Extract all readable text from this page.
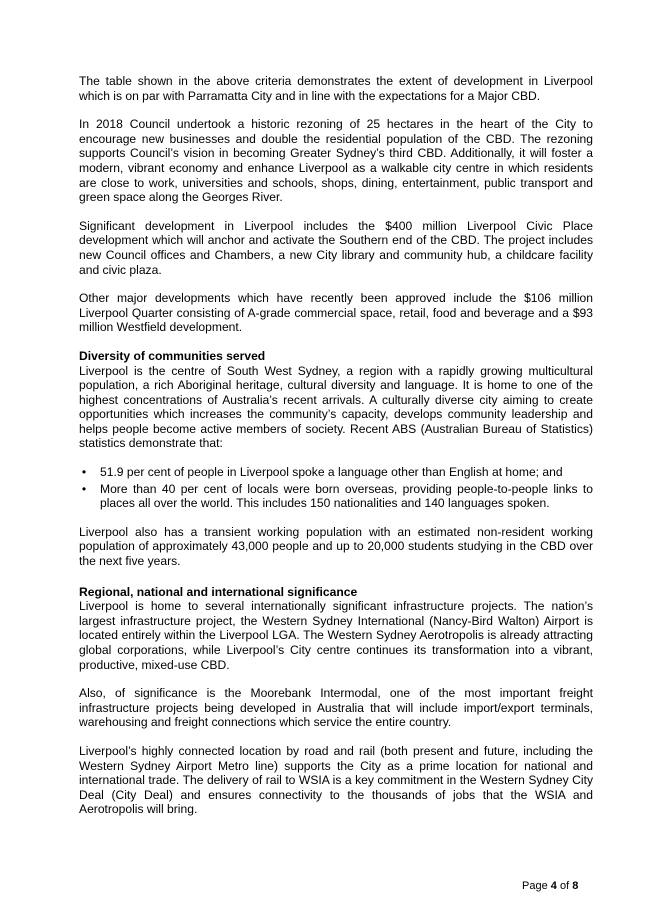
The table shown in the above criteria demonstrates the extent of development in Liverpool which is on par with Parramatta City and in line with the expectations for a Major CBD.

In 2018 Council undertook a historic rezoning of 25 hectares in the heart of the City to encourage new businesses and double the residential population of the CBD. The rezoning supports Council’s vision in becoming Greater Sydney’s third CBD. Additionally, it will foster a modern, vibrant economy and enhance Liverpool as a walkable city centre in which residents are close to work, universities and schools, shops, dining, entertainment, public transport and green space along the Georges River.

Significant development in Liverpool includes the $400 million Liverpool Civic Place development which will anchor and activate the Southern end of the CBD. The project includes new Council offices and Chambers, a new City library and community hub, a childcare facility and civic plaza.

Other major developments which have recently been approved include the $106 million Liverpool Quarter consisting of A-grade commercial space, retail, food and beverage and a $93 million Westfield development.

Diversity of communities served

Liverpool is the centre of South West Sydney, a region with a rapidly growing multicultural population, a rich Aboriginal heritage, cultural diversity and language. It is home to one of the highest concentrations of Australia’s recent arrivals. A culturally diverse city aiming to create opportunities which increases the community’s capacity, develops community leadership and helps people become active members of society. Recent ABS (Australian Bureau of Statistics) statistics demonstrate that:

• 51.9 per cent of people in Liverpool spoke a language other than English at home; and
• More than 40 per cent of locals were born overseas, providing people-to-people links to places all over the world. This includes 150 nationalities and 140 languages spoken.

Liverpool also has a transient working population with an estimated non-resident working population of approximately 43,000 people and up to 20,000 students studying in the CBD over the next five years.

Regional, national and international significance

Liverpool is home to several internationally significant infrastructure projects. The nation’s largest infrastructure project, the Western Sydney International (Nancy-Bird Walton) Airport is located entirely within the Liverpool LGA. The Western Sydney Aerotropolis is already attracting global corporations, while Liverpool’s City centre continues its transformation into a vibrant, productive, mixed-use CBD.

Also, of significance is the Moorebank Intermodal, one of the most important freight infrastructure projects being developed in Australia that will include import/export terminals, warehousing and freight connections which service the entire country.

Liverpool’s highly connected location by road and rail (both present and future, including the Western Sydney Airport Metro line) supports the City as a prime location for national and international trade. The delivery of rail to WSIA is a key commitment in the Western Sydney City Deal (City Deal) and ensures connectivity to the thousands of jobs that the WSIA and Aerotropolis will bring.

Page 4 of 8
